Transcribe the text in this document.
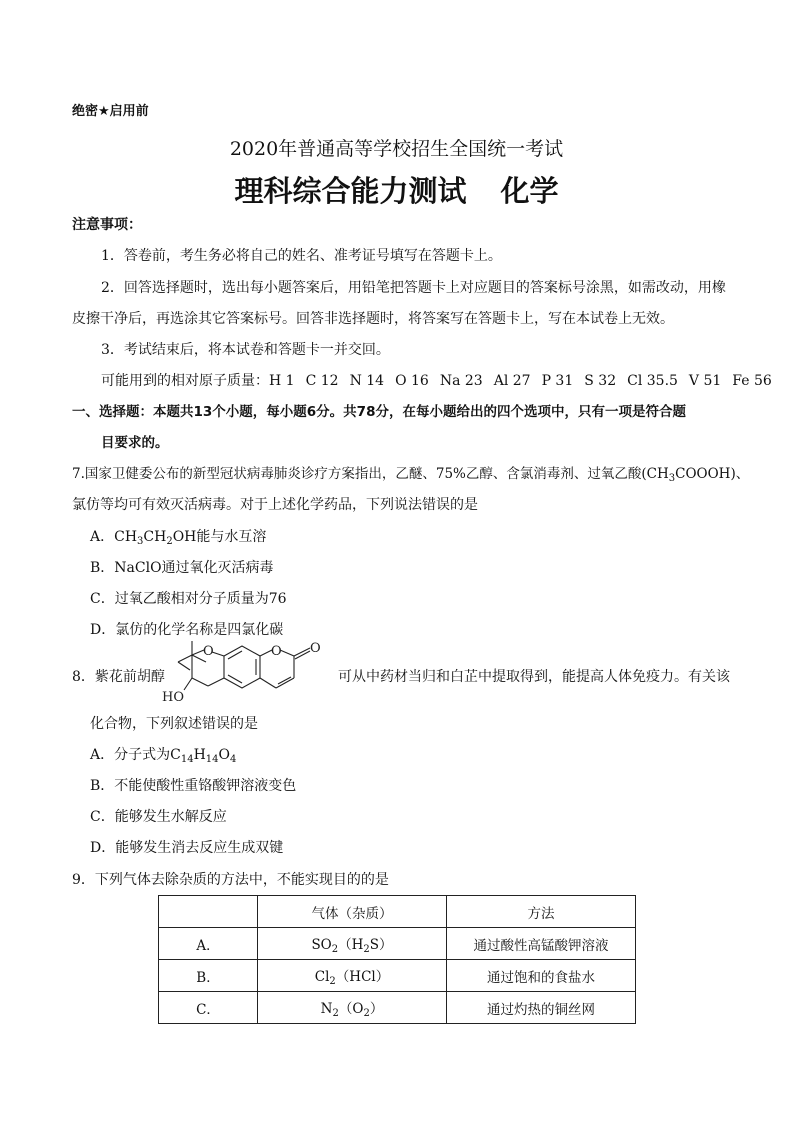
绝密★启用前
2020年普通高等学校招生全国统一考试
理科综合能力测试 化学
注意事项：
1．答卷前，考生务必将自己的姓名、准考证号填写在答题卡上。
2．回答选择题时，选出每小题答案后，用铅笔把答题卡上对应题目的答案标号涂黑，如需改动，用橡
皮擦干净后，再选涂其它答案标号。回答非选择题时，将答案写在答题卡上，写在本试卷上无效。
3．考试结束后，将本试卷和答题卡一并交回。
可能用到的相对原子质量：H 1 C 12 N 14 O 16 Na 23 Al 27 P 31 S 32 Cl 35.5 V 51 Fe 56
一、选择题：本题共13个小题，每小题6分。共78分，在每小题给出的四个选项中，只有一项是符合题
目要求的。
7.国家卫健委公布的新型冠状病毒肺炎诊疗方案指出，乙醚、75%乙醇、含氯消毒剂、过氧乙酸$(CH_3COOOH)$、
氯仿等均可有效灭活病毒。对于上述化学药品，下列说法错误的是
A．$CH_3CH_2OH$能与水互溶
B．NaClO通过氧化灭活病毒
C．过氧乙酸相对分子质量为76
D．氯仿的化学名称是四氯化碳
8．紫花前胡醇
O	O O
HO
可从中药材当归和白芷中提取得到，能提高人体免疫力。有关该
化合物，下列叙述错误的是
A．分子式为$C_{14}H_{14}O_4$
B．不能使酸性重铬酸钾溶液变色
C．能够发生水解反应
D．能够发生消去反应生成双键
9．下列气体去除杂质的方法中，不能实现目的的是
	气体（杂质）	方法
A．	$SO_2(H_2S)$	通过酸性高锰酸钾溶液
B．	$Cl_2(HCl)$	通过饱和的食盐水
C．	$N_2(O_2)$	通过灼热的铜丝网
